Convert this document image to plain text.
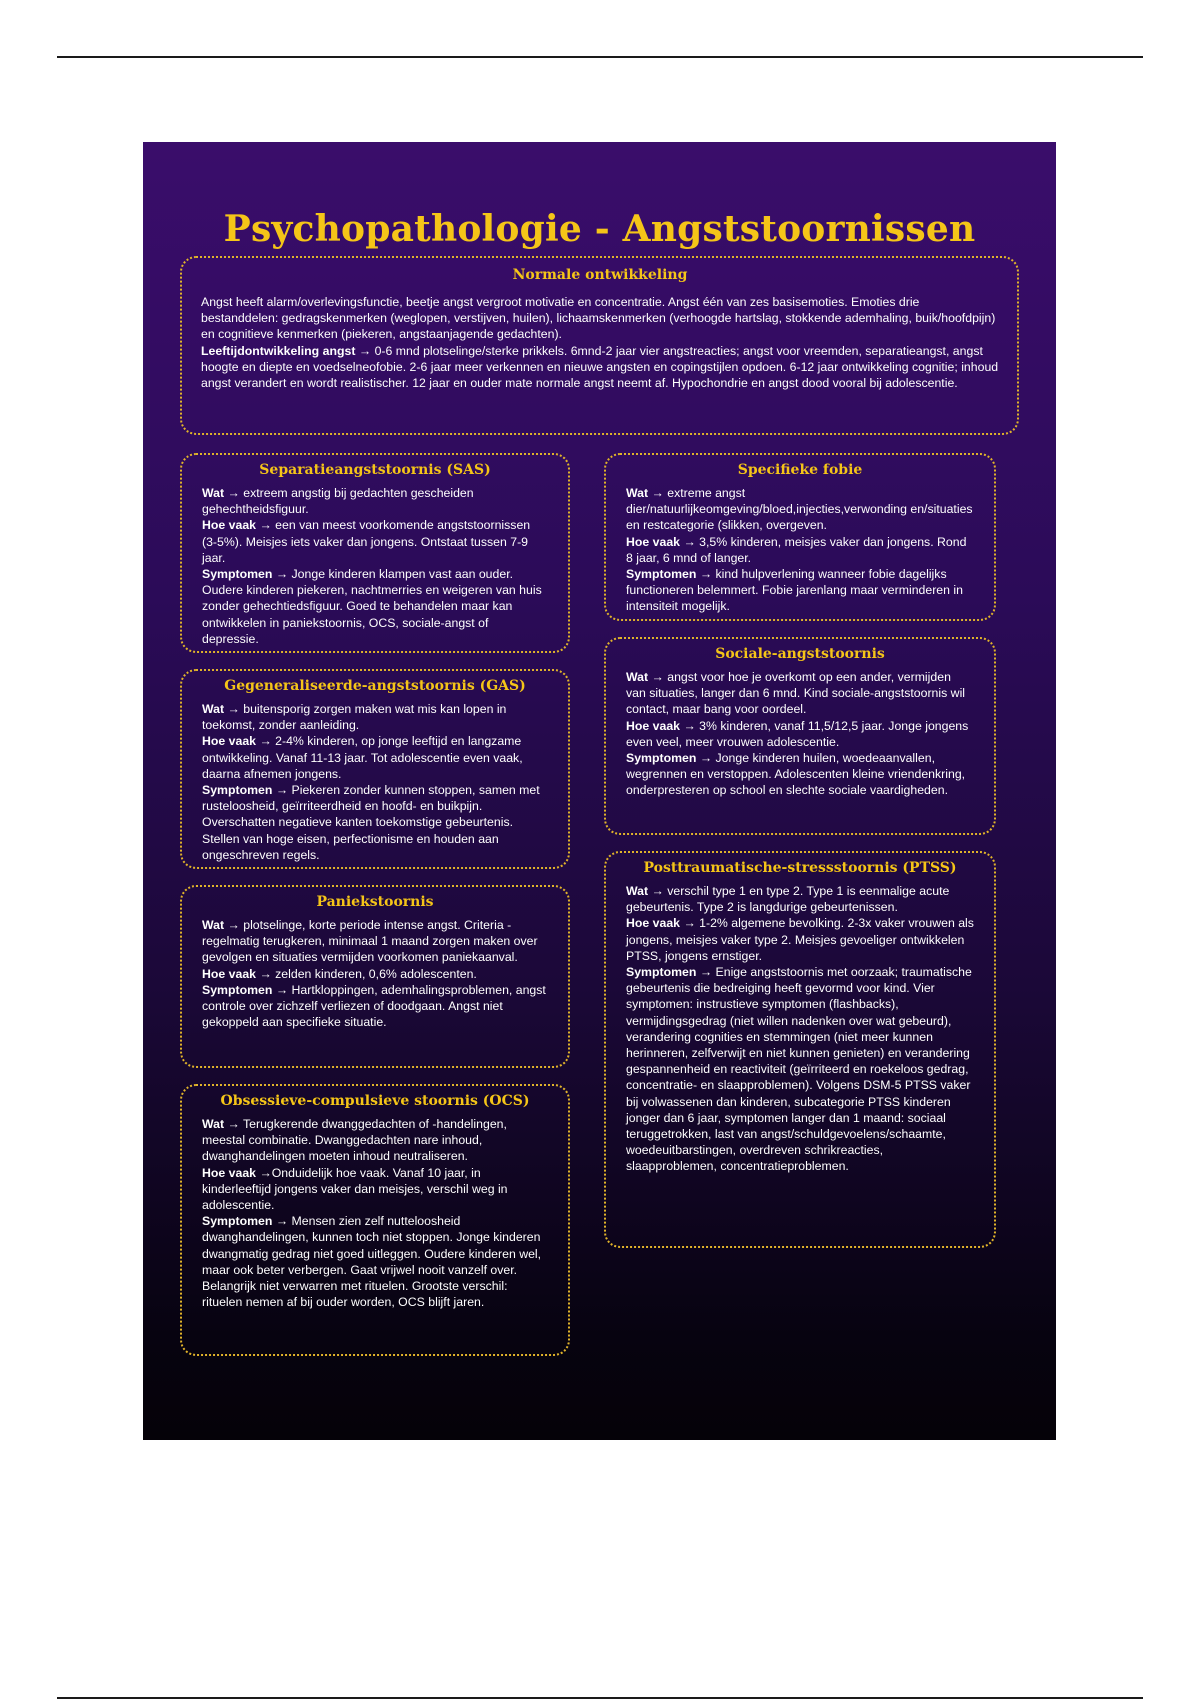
Psychopathologie - Angststoornissen
Normale ontwikkeling

Angst heeft alarm/overlevingsfunctie, beetje angst vergroot motivatie en concentratie. Angst één van zes basisemoties. Emoties drie bestanddelen: gedragskenmerken (weglopen, verstijven, huilen), lichaamskenmerken (verhoogde hartslag, stokkende ademhaling, buik/hoofdpijn) en cognitieve kenmerken (piekeren, angstaanjagende gedachten).

Leeftijdontwikkeling angst → 0-6 mnd plotselinge/sterke prikkels. 6mnd-2 jaar vier angstreacties; angst voor vreemden, separatieangst, angst hoogte en diepte en voedselneofobie. 2-6 jaar meer verkennen en nieuwe angsten en copingstijlen opdoen. 6-12 jaar ontwikkeling cognitie; inhoud angst verandert en wordt realistischer. 12 jaar en ouder mate normale angst neemt af. Hypochondrie en angst dood vooral bij adolescentie.

Separatieangststoornis (SAS)

Wat → extreem angstig bij gedachten gescheiden gehechtheidsfiguur.

Hoe vaak → een van meest voorkomende angststoornissen (3-5%). Meisjes iets vaker dan jongens. Ontstaat tussen 7-9 jaar.

Symptomen → Jonge kinderen klampen vast aan ouder. Oudere kinderen piekeren, nachtmerries en weigeren van huis zonder gehechtiedsfiguur. Goed te behandelen maar kan ontwikkelen in paniekstoornis, OCS, sociale-angst of depressie.

Gegeneraliseerde-angststoornis (GAS)

Wat → buitensporig zorgen maken wat mis kan lopen in toekomst, zonder aanleiding.

Hoe vaak → 2-4% kinderen, op jonge leeftijd en langzame ontwikkeling. Vanaf 11-13 jaar. Tot adolescentie even vaak, daarna afnemen jongens.

Symptomen → Piekeren zonder kunnen stoppen, samen met rusteloosheid, geïrriteerdheid en hoofd- en buikpijn. Overschatten negatieve kanten toekomstige gebeurtenis. Stellen van hoge eisen, perfectionisme en houden aan ongeschreven regels.

Paniekstoornis

Wat → plotselinge, korte periode intense angst. Criteria - regelmatig terugkeren, minimaal 1 maand zorgen maken over gevolgen en situaties vermijden voorkomen paniekaanval.

Hoe vaak → zelden kinderen, 0,6% adolescenten.

Symptomen → Hartkloppingen, ademhalingsproblemen, angst controle over zichzelf verliezen of doodgaan. Angst niet gekoppeld aan specifieke situatie.

Obsessieve-compulsieve stoornis (OCS)

Wat → Terugkerende dwanggedachten of -handelingen, meestal combinatie. Dwanggedachten nare inhoud, dwanghandelingen moeten inhoud neutraliseren.

Hoe vaak →Onduidelijk hoe vaak. Vanaf 10 jaar, in kinderleeftijd jongens vaker dan meisjes, verschil weg in adolescentie.

Symptomen → Mensen zien zelf nutteloosheid dwanghandelingen, kunnen toch niet stoppen. Jonge kinderen dwangmatig gedrag niet goed uitleggen. Oudere kinderen wel, maar ook beter verbergen. Gaat vrijwel nooit vanzelf over. Belangrijk niet verwarren met rituelen. Grootste verschil: rituelen nemen af bij ouder worden, OCS blijft jaren.

Specifieke fobie

Wat → extreme angst dier/natuurlijkeomgeving/bloed,injecties,verwonding en/situaties en restcategorie (slikken, overgeven.

Hoe vaak → 3,5% kinderen, meisjes vaker dan jongens. Rond 8 jaar, 6 mnd of langer.

Symptomen → kind hulpverlening wanneer fobie dagelijks functioneren belemmert. Fobie jarenlang maar verminderen in intensiteit mogelijk.

Sociale-angststoornis

Wat → angst voor hoe je overkomt op een ander, vermijden van situaties, langer dan 6 mnd. Kind sociale-angststoornis wil contact, maar bang voor oordeel.

Hoe vaak → 3% kinderen, vanaf 11,5/12,5 jaar. Jonge jongens even veel, meer vrouwen adolescentie.

Symptomen → Jonge kinderen huilen, woedeaanvallen, wegrennen en verstoppen. Adolescenten kleine vriendenkring, onderpresteren op school en slechte sociale vaardigheden.

Posttraumatische-stressstoornis (PTSS)

Wat → verschil type 1 en type 2. Type 1 is eenmalige acute gebeurtenis. Type 2 is langdurige gebeurtenissen.

Hoe vaak → 1-2% algemene bevolking. 2-3x vaker vrouwen als jongens, meisjes vaker type 2. Meisjes gevoeliger ontwikkelen PTSS, jongens ernstiger.

Symptomen → Enige angststoornis met oorzaak; traumatische gebeurtenis die bedreiging heeft gevormd voor kind. Vier symptomen: instrustieve symptomen (flashbacks), vermijdingsgedrag (niet willen nadenken over wat gebeurd), verandering cognities en stemmingen (niet meer kunnen herinneren, zelfverwijt en niet kunnen genieten) en verandering gespannenheid en reactiviteit (geïrriteerd en roekeloos gedrag, concentratie- en slaapproblemen). Volgens DSM-5 PTSS vaker bij volwassenen dan kinderen, subcategorie PTSS kinderen jonger dan 6 jaar, symptomen langer dan 1 maand: sociaal teruggetrokken, last van angst/schuldgevoelens/schaamte, woedeuitbarstingen, overdreven schrikreacties, slaapproblemen, concentratieproblemen.
